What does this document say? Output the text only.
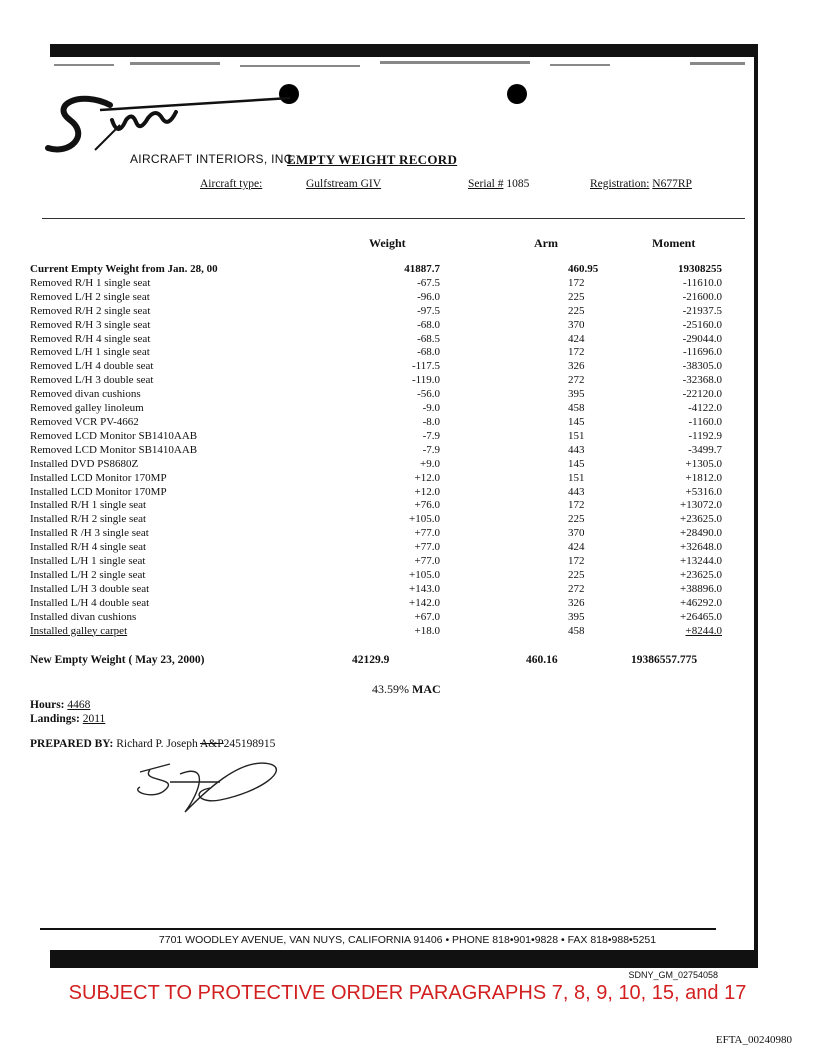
AIRCRAFT INTERIORS, INC.
EMPTY WEIGHT RECORD
Aircraft type:	Gulfstream GIV	Serial # 1085	Registration: N677RP
Weight	Arm	Moment
Current Empty Weight from Jan. 28, 00	41887.7	460.95	19308255
Removed R/H 1 single seat	-67.5	172	-11610.0
Removed L/H 2 single seat	-96.0	225	-21600.0
Removed R/H 2 single seat	-97.5	225	-21937.5
Removed R/H 3 single seat	-68.0	370	-25160.0
Removed R/H 4 single seat	-68.5	424	-29044.0
Removed L/H 1 single seat	-68.0	172	-11696.0
Removed L/H 4 double seat	-117.5	326	-38305.0
Removed L/H 3 double seat	-119.0	272	-32368.0
Removed divan cushions	-56.0	395	-22120.0
Removed galley linoleum	-9.0	458	-4122.0
Removed VCR PV-4662	-8.0	145	-1160.0
Removed LCD Monitor SB1410AAB	-7.9	151	-1192.9
Removed LCD Monitor SB1410AAB	-7.9	443	-3499.7
Installed DVD PS8680Z	+9.0	145	+1305.0
Installed LCD Monitor 170MP	+12.0	151	+1812.0
Installed LCD Monitor 170MP	+12.0	443	+5316.0
Installed R/H 1 single seat	+76.0	172	+13072.0
Installed R/H 2 single seat	+105.0	225	+23625.0
Installed R /H 3 single seat	+77.0	370	+28490.0
Installed R/H 4 single seat	+77.0	424	+32648.0
Installed L/H 1 single seat	+77.0	172	+13244.0
Installed L/H 2 single seat	+105.0	225	+23625.0
Installed L/H 3 double seat	+143.0	272	+38896.0
Installed L/H 4 double seat	+142.0	326	+46292.0
Installed divan cushions	+67.0	395	+26465.0
Installed galley carpet	+18.0	458	+8244.0
New Empty Weight ( May 23, 2000)	42129.9	460.16	19386557.775
43.59% MAC
Hours: 4468
Landings: 2011
PREPARED BY: Richard P. Joseph A&P245198915
7701 WOODLEY AVENUE, VAN NUYS, CALIFORNIA 91406 • PHONE 818•901•9828 • FAX 818•988•5251
SDNY_GM_02754058
SUBJECT TO PROTECTIVE ORDER PARAGRAPHS 7, 8, 9, 10, 15, and 17
EFTA_00240980
